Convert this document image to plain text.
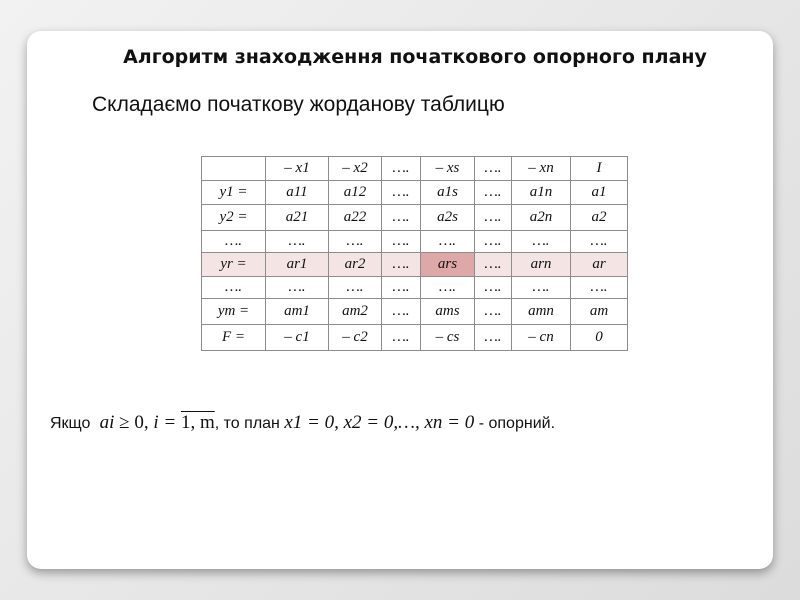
Алгоритм знаходження початкового опорного плану
Складаємо початкову жорданову таблицю
	– x1	– x2	….	– xs	….	– xn	I
y1 =	a11	a12	….	a1s	….	a1n	a1
y2 =	a21	a22	….	a2s	….	a2n	a2
….	….	….	….	….	….	….	….
yr =	ar1	ar2	….	ars	….	arn	ar
….	….	….	….	….	….	….	….
ym =	am1	am2	….	ams	….	amn	am
F =	– c1	– c2	….	– cs	….	– cn	0
Якщо ai ≥ 0, i = 1, m, то план x1 = 0, x2 = 0,…, xn = 0 - опорний.
